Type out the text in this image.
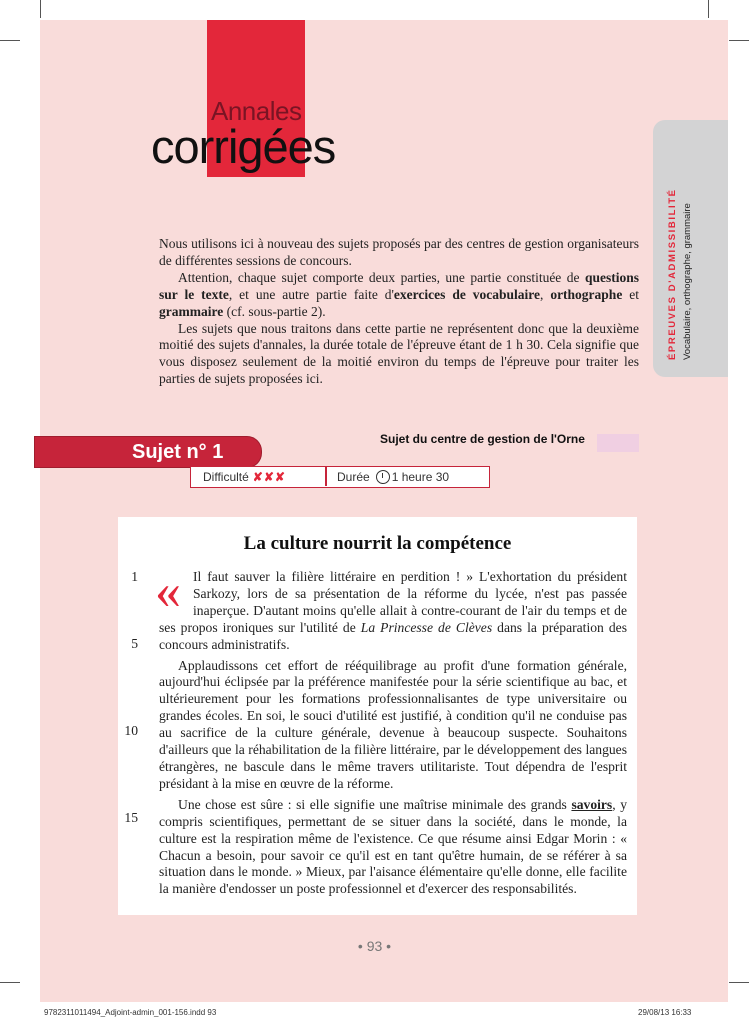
Annales
corrigées
ÉPREUVES D'ADMISSIBILITÉ Vocabulaire, orthographe, grammaire

Nous utilisons ici à nouveau des sujets proposés par des centres de gestion organisateurs de différentes sessions de concours.

Attention, chaque sujet comporte deux parties, une partie constituée de questions sur le texte, et une autre partie faite d'exercices de vocabulaire, orthographe et grammaire (cf. sous-partie 2).

Les sujets que nous traitons dans cette partie ne représentent donc que la deuxième moitié des sujets d'annales, la durée totale de l'épreuve étant de 1 h 30. Cela signifie que vous disposez seulement de la moitié environ du temps de l'épreuve pour traiter les parties de sujets proposées ici.

Sujet n° 1
Sujet du centre de gestion de l'Orne
Difficulté ✘✘✘	Durée 1 heure 30
La culture nourrit la compétence
1
5
10
15

« Il faut sauver la filière littéraire en perdition ! » L'exhortation du président Sarkozy, lors de sa présentation de la réforme du lycée, n'est pas passée inaperçue. D'autant moins qu'elle allait à contre-courant de l'air du temps et de ses propos ironiques sur l'utilité de La Princesse de Clèves dans la préparation des concours administratifs.

Applaudissons cet effort de rééquilibrage au profit d'une formation générale, aujourd'hui éclipsée par la préférence manifestée pour la série scientifique au bac, et ultérieurement pour les formations professionnalisantes de type universitaire ou grandes écoles. En soi, le souci d'utilité est justifié, à condition qu'il ne conduise pas au sacrifice de la culture générale, devenue à beaucoup suspecte. Souhaitons d'ailleurs que la réhabilitation de la filière littéraire, par le développement des langues étrangères, ne bascule dans le même travers utilitariste. Tout dépendra de l'esprit présidant à la mise en œuvre de la réforme.

Une chose est sûre : si elle signifie une maîtrise minimale des grands savoirs, y compris scientifiques, permettant de se situer dans la société, dans le monde, la culture est la respiration même de l'existence. Ce que résume ainsi Edgar Morin : « Chacun a besoin, pour savoir ce qu'il est en tant qu'être humain, de se référer à sa situation dans le monde. » Mieux, par l'aisance élémentaire qu'elle donne, elle facilite la manière d'endosser un poste professionnel et d'exercer des responsabilités.

• 93 •
9782311011494_Adjoint-admin_001-156.indd 93	29/08/13 16:33
